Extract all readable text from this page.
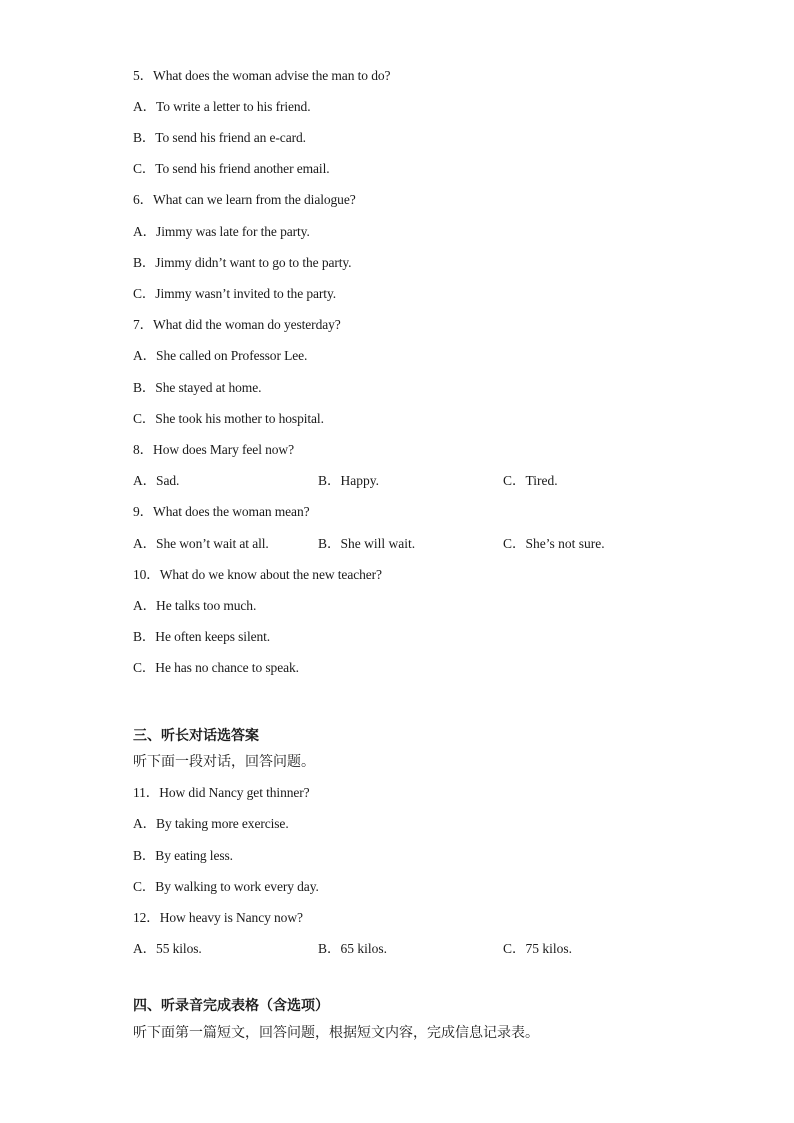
5．What does the woman advise the man to do?
A．To write a letter to his friend.
B．To send his friend an e-card.
C．To send his friend another email.
6．What can we learn from the dialogue?
A．Jimmy was late for the party.
B．Jimmy didn’t want to go to the party.
C．Jimmy wasn’t invited to the party.
7．What did the woman do yesterday?
A．She called on Professor Lee.
B．She stayed at home.
C．She took his mother to hospital.
8．How does Mary feel now?
A．Sad.	B．Happy.	C．Tired.
9．What does the woman mean?
A．She won’t wait at all.	B．She will wait.	C．She’s not sure.
10．What do we know about the new teacher?
A．He talks too much.
B．He often keeps silent.
C．He has no chance to speak.
三、听长对话选答案
听下面一段对话，回答问题。
11．How did Nancy get thinner?
A．By taking more exercise.
B．By eating less.
C．By walking to work every day.
12．How heavy is Nancy now?
A．55 kilos.	B．65 kilos.	C．75 kilos.
四、听录音完成表格（含选项）
听下面第一篇短文，回答问题，根据短文内容，完成信息记录表。
